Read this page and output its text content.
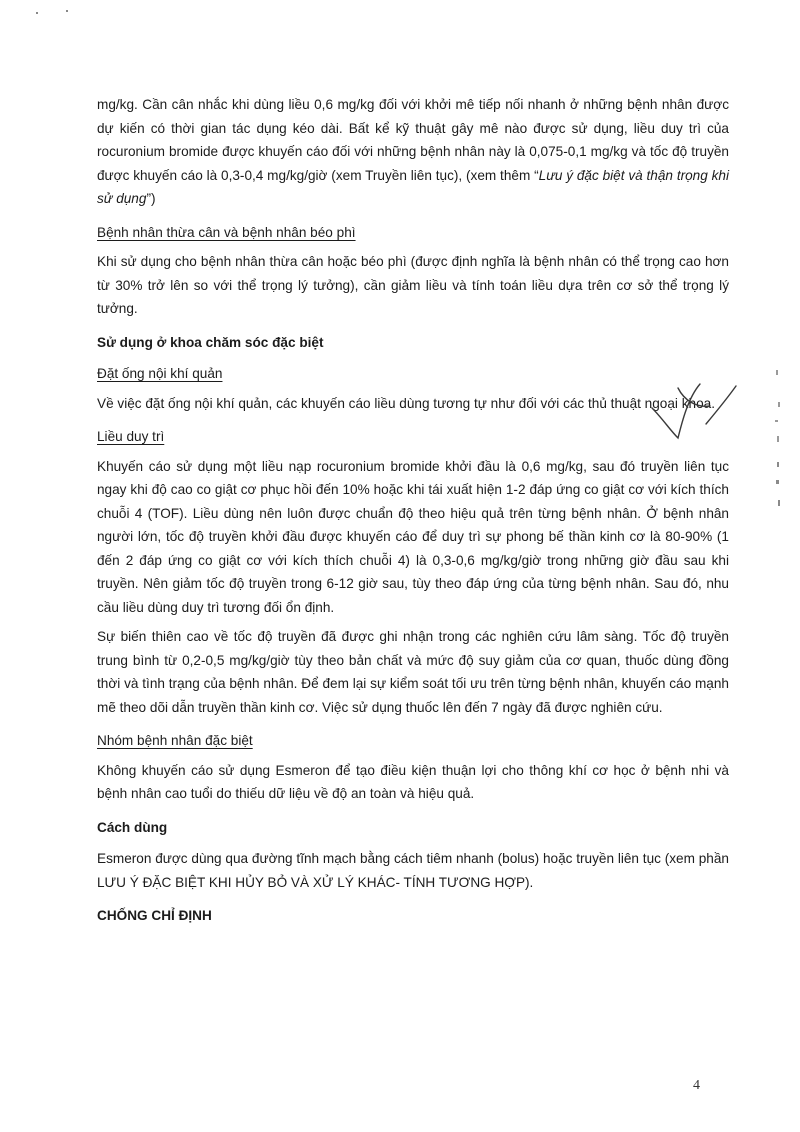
mg/kg. Cần cân nhắc khi dùng liều 0,6 mg/kg đối với khởi mê tiếp nối nhanh ở những bệnh nhân được dự kiến có thời gian tác dụng kéo dài. Bất kể kỹ thuật gây mê nào được sử dụng, liều duy trì của rocuronium bromide được khuyến cáo đối với những bệnh nhân này là 0,075-0,1 mg/kg và tốc độ truyền được khuyến cáo là 0,3-0,4 mg/kg/giờ (xem Truyền liên tục), (xem thêm “Lưu ý đặc biệt và thận trọng khi sử dụng”)

Bệnh nhân thừa cân và bệnh nhân béo phì

Khi sử dụng cho bệnh nhân thừa cân hoặc béo phì (được định nghĩa là bệnh nhân có thể trọng cao hơn từ 30% trở lên so với thể trọng lý tưởng), cần giảm liều và tính toán liều dựa trên cơ sở thể trọng lý tưởng.

Sử dụng ở khoa chăm sóc đặc biệt
Đặt ống nội khí quản

Về việc đặt ống nội khí quản, các khuyến cáo liều dùng tương tự như đối với các thủ thuật ngoại khoa.

Liều duy trì

Khuyến cáo sử dụng một liều nạp rocuronium bromide khởi đầu là 0,6 mg/kg, sau đó truyền liên tục ngay khi độ cao co giật cơ phục hồi đến 10% hoặc khi tái xuất hiện 1-2 đáp ứng co giật cơ với kích thích chuỗi 4 (TOF). Liều dùng nên luôn được chuẩn độ theo hiệu quả trên từng bệnh nhân. Ở bệnh nhân người lớn, tốc độ truyền khởi đầu được khuyến cáo để duy trì sự phong bế thần kinh cơ là 80-90% (1 đến 2 đáp ứng co giật cơ với kích thích chuỗi 4) là 0,3-0,6 mg/kg/giờ trong những giờ đầu sau khi truyền. Nên giảm tốc độ truyền trong 6-12 giờ sau, tùy theo đáp ứng của từng bệnh nhân. Sau đó, nhu cầu liều dùng duy trì tương đối ổn định.

Sự biến thiên cao về tốc độ truyền đã được ghi nhận trong các nghiên cứu lâm sàng. Tốc độ truyền trung bình từ 0,2-0,5 mg/kg/giờ tùy theo bản chất và mức độ suy giảm của cơ quan, thuốc dùng đồng thời và tình trạng của bệnh nhân. Để đem lại sự kiểm soát tối ưu trên từng bệnh nhân, khuyến cáo mạnh mẽ theo dõi dẫn truyền thần kinh cơ. Việc sử dụng thuốc lên đến 7 ngày đã được nghiên cứu.

Nhóm bệnh nhân đặc biệt

Không khuyến cáo sử dụng Esmeron để tạo điều kiện thuận lợi cho thông khí cơ học ở bệnh nhi và bệnh nhân cao tuổi do thiếu dữ liệu về độ an toàn và hiệu quả.

Cách dùng

Esmeron được dùng qua đường tĩnh mạch bằng cách tiêm nhanh (bolus) hoặc truyền liên tục (xem phần LƯU Ý ĐẶC BIỆT KHI HỦY BỎ VÀ XỬ LÝ KHÁC- TÍNH TƯƠNG HỢP).

CHỐNG CHỈ ĐỊNH
4
